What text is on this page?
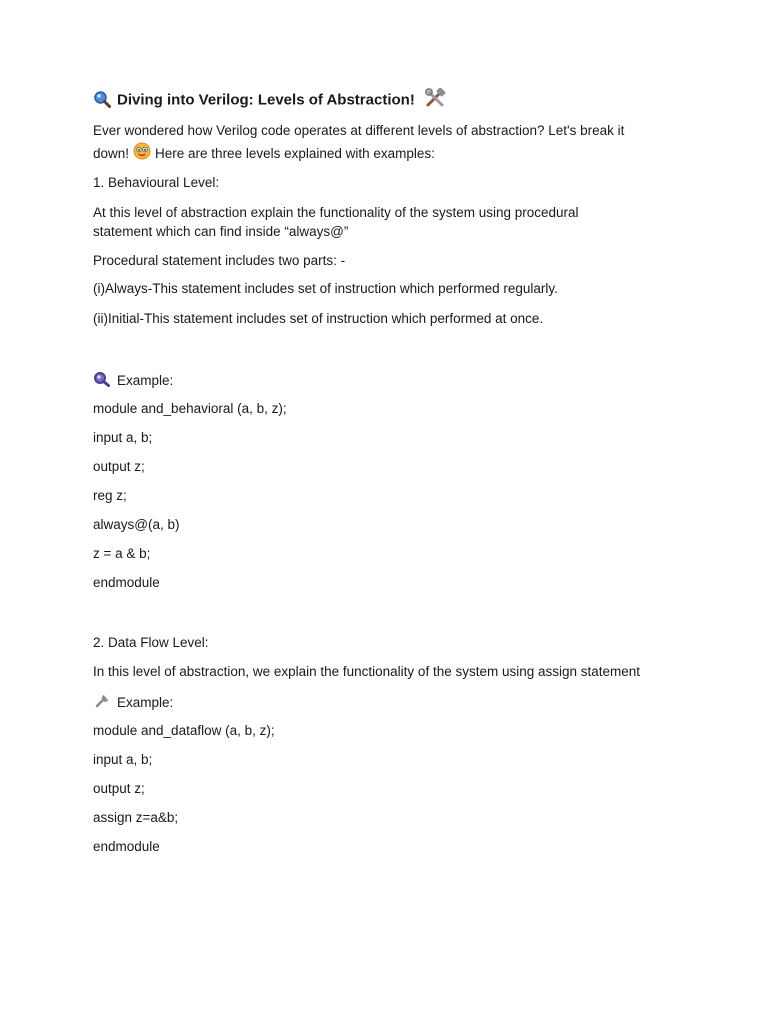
Diving into Verilog: Levels of Abstraction!
Ever wondered how Verilog code operates at different levels of abstraction? Let's break it
down! Here are three levels explained with examples:
1. Behavioural Level:
At this level of abstraction explain the functionality of the system using procedural
statement which can find inside “always@”
Procedural statement includes two parts: -
(i)Always-This statement includes set of instruction which performed regularly.
(ii)Initial-This statement includes set of instruction which performed at once.
Example:
module and_behavioral (a, b, z);
input a, b;
output z;
reg z;
always@(a, b)
z = a & b;
endmodule
2. Data Flow Level:
In this level of abstraction, we explain the functionality of the system using assign statement
Example:
module and_dataflow (a, b, z);
input a, b;
output z;
assign z=a&b;
endmodule
